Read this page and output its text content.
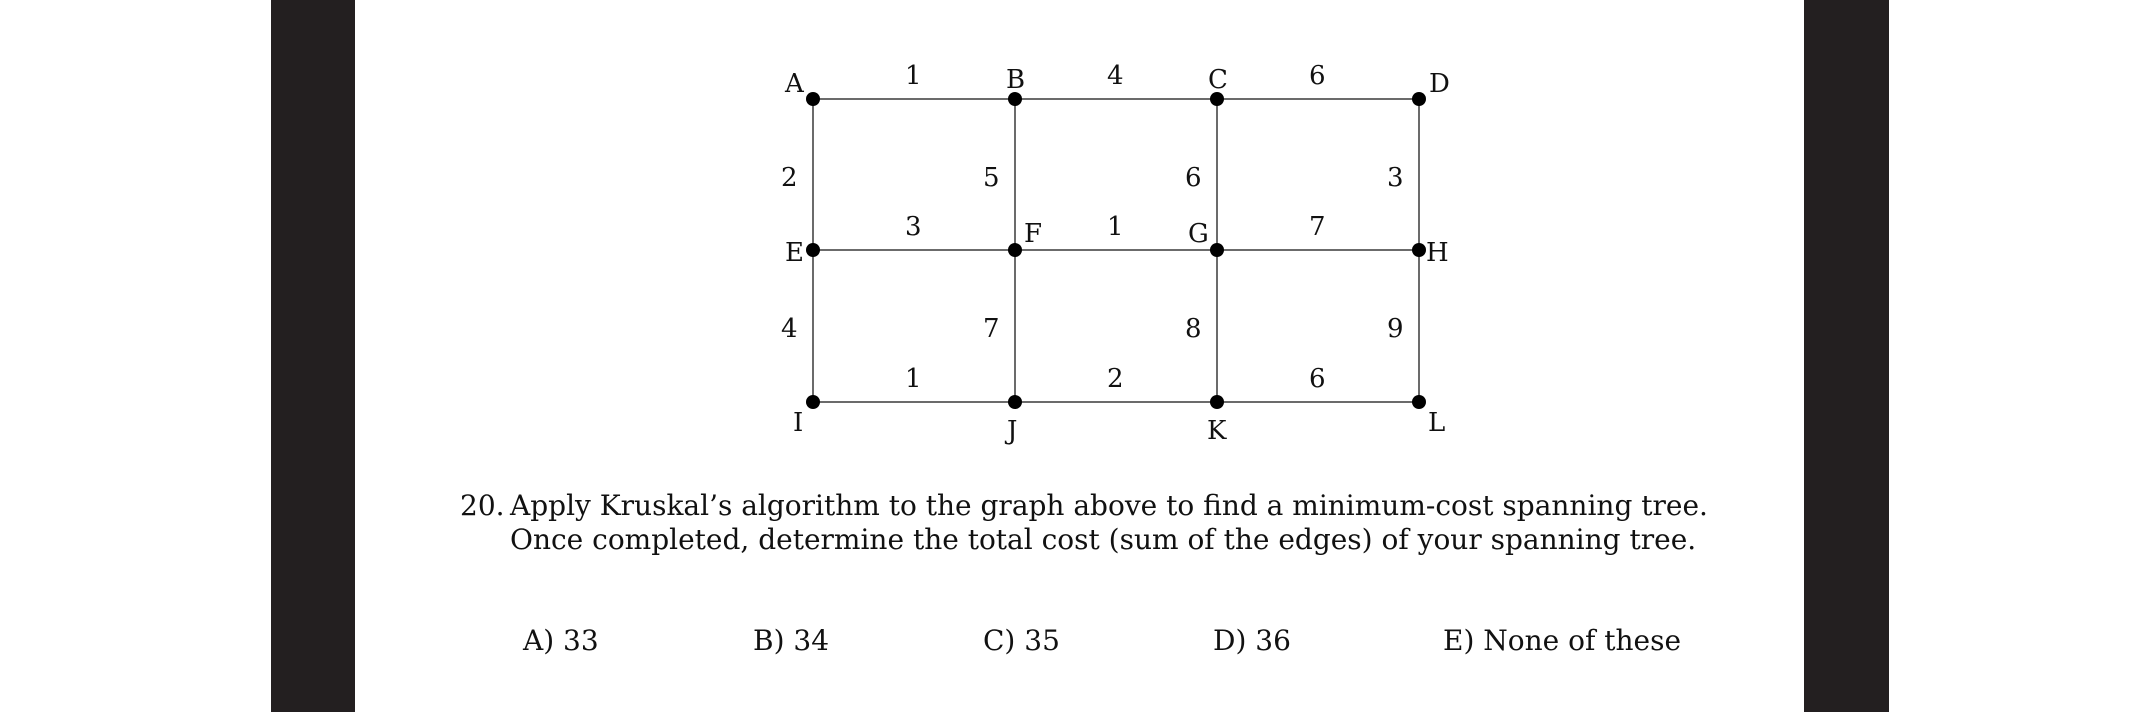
A	B	C	D
E
F	G
H
I	J	K	L
1	4	6
2	5	6	3
3	1	7
4	7	8	9
1	2	6
20. Apply Kruskal’s algorithm to the graph above to find a minimum-cost spanning tree.
Once completed, determine the total cost (sum of the edges) of your spanning tree.
A) 33	B) 34	C) 35	D) 36	E) None of these
